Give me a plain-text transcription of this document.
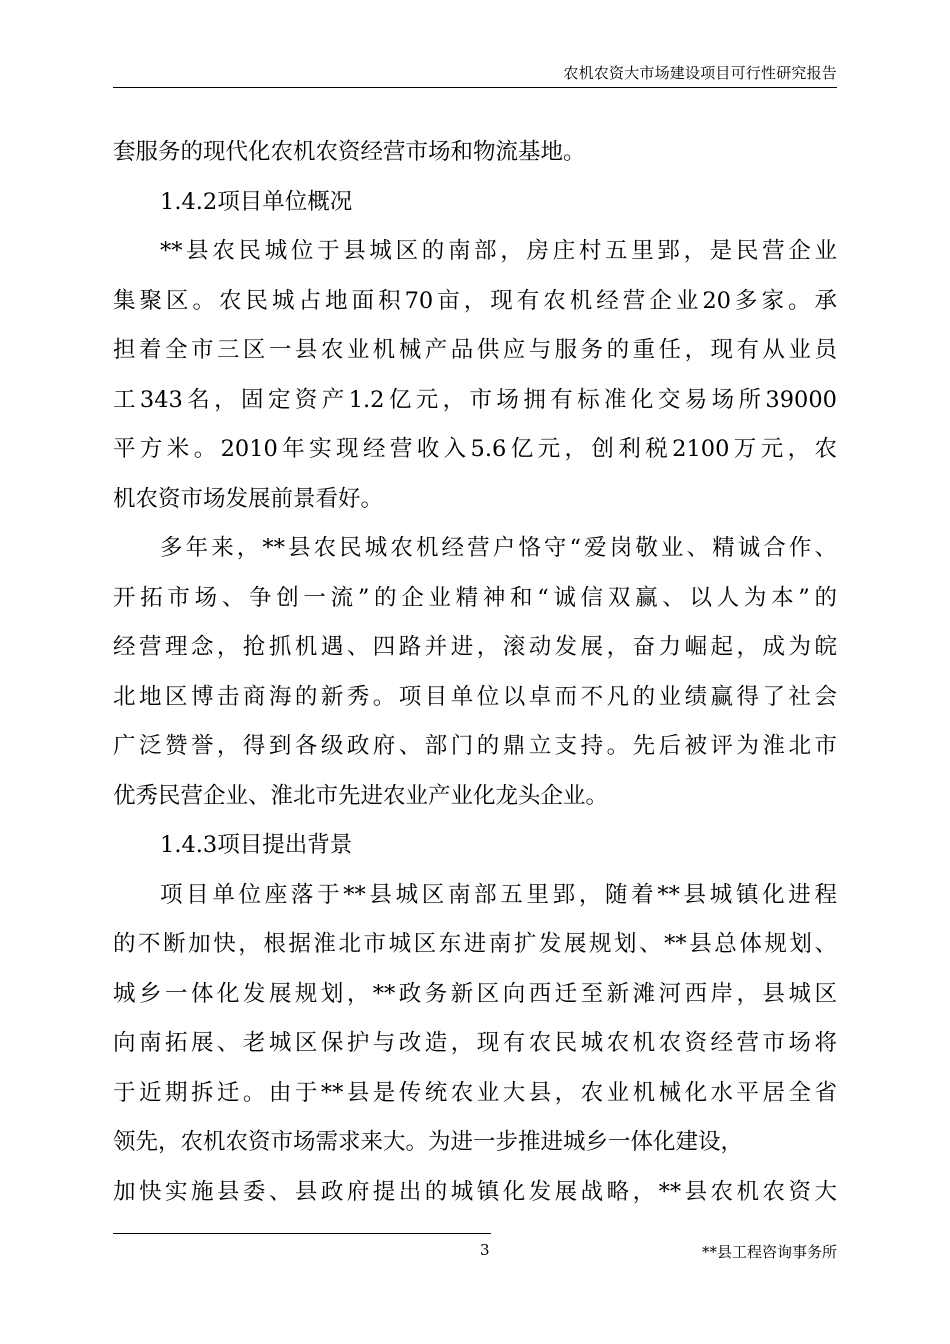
农机农资大市场建设项目可行性研究报告
套服务的现代化农机农资经营市场和物流基地。
1.4.2项目单位概况
**县农民城位于县城区的南部，房庄村五里郢，是民营企业
集聚区。农民城占地面积70亩，现有农机经营企业20多家。承
担着全市三区一县农业机械产品供应与服务的重任，现有从业员
工343名，固定资产1.2亿元，市场拥有标准化交易场所39000
平方米。2010年实现经营收入5.6亿元，创利税2100万元，农
机农资市场发展前景看好。
多年来，**县农民城农机经营户恪守“爱岗敬业、精诚合作、
开拓市场、争创一流”的企业精神和“诚信双赢、以人为本”的
经营理念，抢抓机遇、四路并进，滚动发展，奋力崛起，成为皖
北地区博击商海的新秀。项目单位以卓而不凡的业绩赢得了社会
广泛赞誉，得到各级政府、部门的鼎立支持。先后被评为淮北市
优秀民营企业、淮北市先进农业产业化龙头企业。
1.4.3项目提出背景
项目单位座落于**县城区南部五里郢，随着**县城镇化进程
的不断加快，根据淮北市城区东进南扩发展规划、**县总体规划、
城乡一体化发展规划，**政务新区向西迁至新滩河西岸，县城区
向南拓展、老城区保护与改造，现有农民城农机农资经营市场将
于近期拆迁。由于**县是传统农业大县，农业机械化水平居全省
领先，农机农资市场需求来大。为进一步推进城乡一体化建设，
加快实施县委、县政府提出的城镇化发展战略，**县农机农资大
3	**县工程咨询事务所
